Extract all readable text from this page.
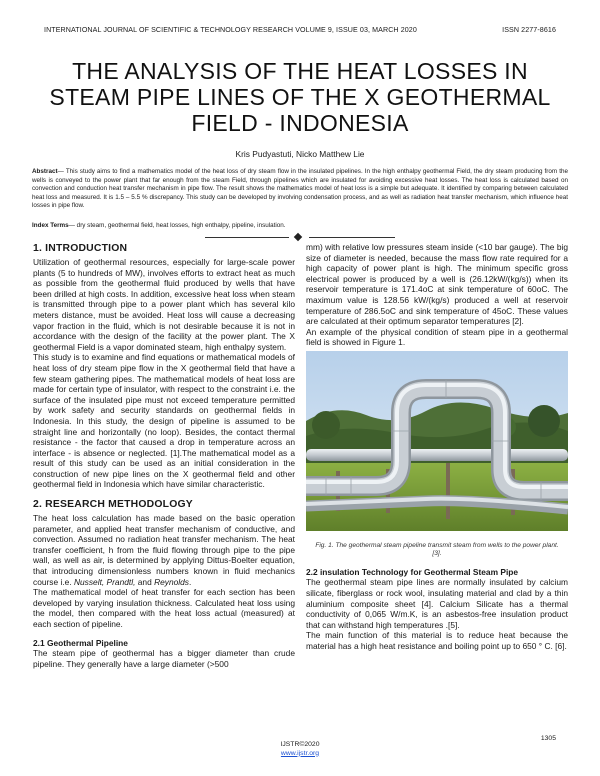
INTERNATIONAL JOURNAL OF SCIENTIFIC & TECHNOLOGY RESEARCH VOLUME 9, ISSUE 03, MARCH 2020	ISSN 2277-8616
THE ANALYSIS OF THE HEAT LOSSES IN
STEAM PIPE LINES OF THE X GEOTHERMAL
FIELD - INDONESIA
Kris Pudyastuti, Nicko Matthew Lie
Abstract— This study aims to find a mathematics model of the heat loss of dry steam flow in the insulated pipelines. In the high enthalpy geothermal Field, the dry steam producing from the wells is conveyed to the power plant that far enough from the steam Field, through pipelines which are insulated for avoiding excessive heat losses. The heat loss is calculated based on convection and conduction heat transfer mechanism in pipe flow. The result shows the mathematics model of heat loss is a simple but adequate. It identified by comparing between calculated heat loss and measured. It is 1.5 – 5.5 % discrepancy. This study can be developed by involving condensation process, and as well as radiation heat transfer mechanism, which influence heat losses in pipe flow.
Index Terms— dry steam, geothermal field, heat losses, high enthalpy, pipeline, insulation.
1. INTRODUCTION

Utilization of geothermal resources, especially for large-scale power plants (5 to hundreds of MW), involves efforts to extract heat as much as possible from the geothermal fluid produced by wells that have been drilled at high costs. In addition, excessive heat loss when steam is transmitted through pipe to a power plant which has several kilo meters distance, must be avoided. Heat loss will cause a decreasing vapor fraction in the fluid, which is not desirable because it is not in accordance with the design of the facility at the power plant. The X geothermal Field is a vapor dominated steam, high enthalpy system.

This study is to examine and find equations or mathematical models of heat loss of dry steam pipe flow in the X geothermal field that have a few steam gathering pipes. The mathematical models of heat loss are made for certain type of insulator, with respect to the constraint i.e. the surface of the insulated pipe must not exceed temperature permitted by work safety and security standards on geothermal fields in Indonesia. In this study, the design of pipeline is assumed to be straight line and horizontally (no loop). Besides, the contact thermal resistance - the factor that caused a drop in temperature across an interface - is absence or neglected. [1].The mathematical model as a result of this study can be used as an initial consideration in the construction of new pipe lines on the X geothermal field and other geothermal field in Indonesia which have similar characteristic.

2. RESEARCH METHODOLOGY

The heat loss calculation has made based on the basic operation parameter, and applied heat transfer mechanism of conductive, and convection. Assumed no radiation heat transfer mechanism. The heat transfer coefficient, h from the fluid flowing through pipe to the pipe wall, as well as air, is determined by applying Dittus-Boelter equation, that introducing dimensionless numbers known in fluid mechanics course i.e. Nusselt, Prandtl, and Reynolds.

The mathematical model of heat transfer for each section has been developed by varying insulation thickness. Calculated heat loss using the model, then compared with the heat loss actual (measured) at each section of pipeline.

2.1 Geothermal Pipeline

The steam pipe of geothermal has a bigger diameter than crude pipeline. They generally have a large diameter (>500

mm) with relative low pressures steam inside (<10 bar gauge). The big size of diameter is needed, because the mass flow rate required for a high capacity of power plant is high. The minimum specific gross electrical power is produced by a well is (26.12kW/(kg/s)) when its reservoir temperature is 171.4oC at sink temperature of 60oC. The maximum value is 128.56 kW/(kg/s) produced a well at reservoir temperature of 286.5oC and sink temperature of 45oC. These values are calculated at their optimum separator temperatures [2].

An example of the physical condition of steam pipe in a geothermal field is showed in Figure 1.

Fig. 1. The geothermal steam pipeline transmit steam from wells to the power plant. [3].
2.2 insulation Technology for Geothermal Steam Pipe

The geothermal steam pipe lines are normally insulated by calcium silicate, fiberglass or rock wool, insulating material and clad by a thin aluminium composite sheet [4]. Calcium Silicate has a thermal conductivity of 0,065 W/m.K, is an asbestos-free insulation product that can withstand high temperatures .[5].

The main function of this material is to reduce heat because the material has a high heat resistance and boiling point up to 650 ° C. [6].

1305
IJSTR©2020
www.ijstr.org
